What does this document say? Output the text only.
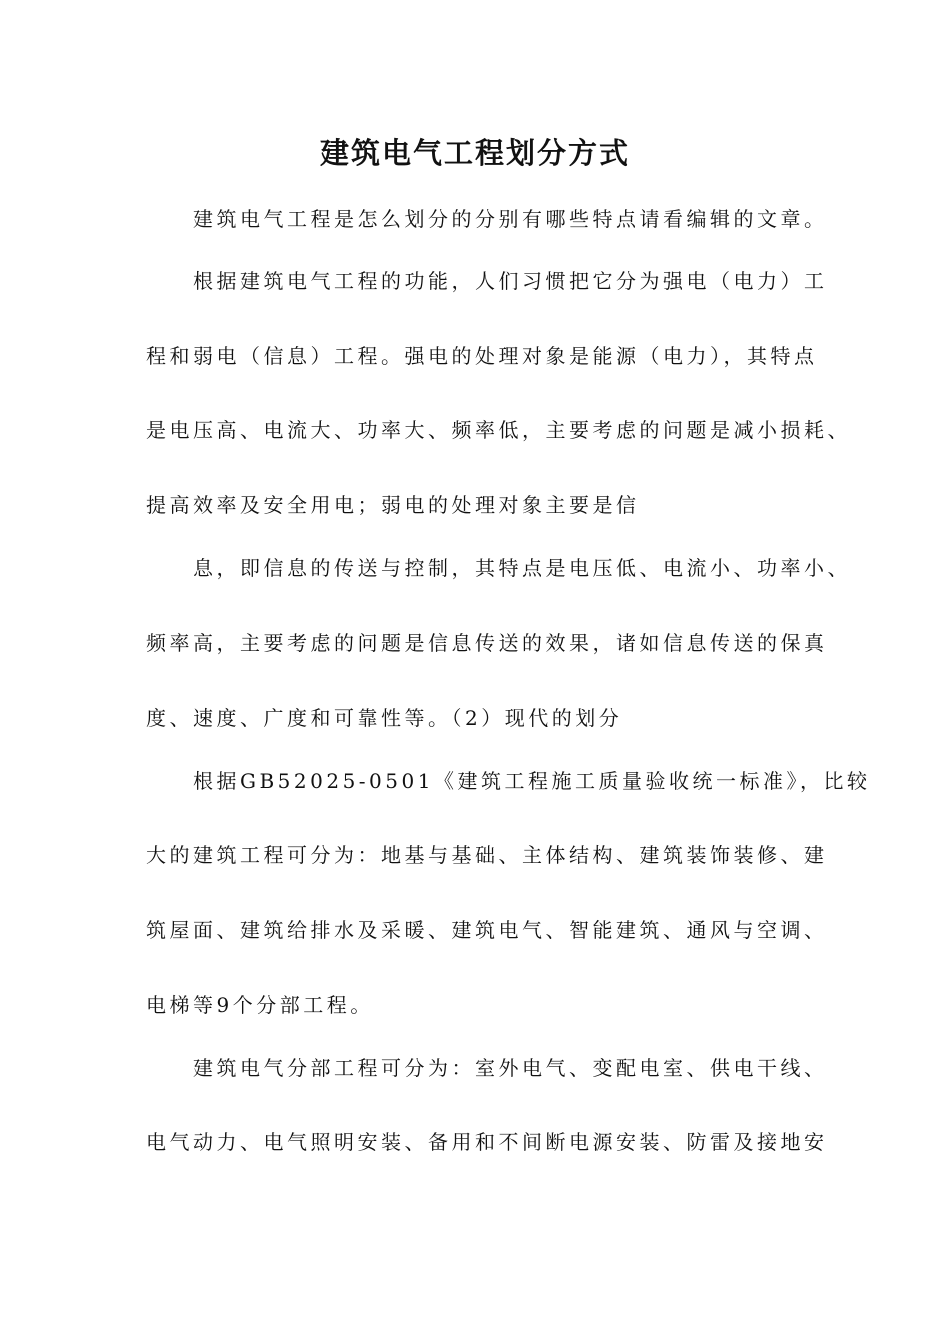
建筑电气工程划分方式

建筑电气工程是怎么划分的分别有哪些特点请看编辑的文章。

根据建筑电气工程的功能，人们习惯把它分为强电（电力）工

程和弱电（信息）工程。强电的处理对象是能源（电力），其特点

是电压高、电流大、功率大、频率低，主要考虑的问题是减小损耗、

提高效率及安全用电；弱电的处理对象主要是信

息，即信息的传送与控制，其特点是电压低、电流小、功率小、

频率高，主要考虑的问题是信息传送的效果，诸如信息传送的保真

度、速度、广度和可靠性等。（2）现代的划分

根据GB52025-0501《建筑工程施工质量验收统一标准》，比较

大的建筑工程可分为：地基与基础、主体结构、建筑装饰装修、建

筑屋面、建筑给排水及采暖、建筑电气、智能建筑、通风与空调、

电梯等9个分部工程。

建筑电气分部工程可分为：室外电气、变配电室、供电干线、

电气动力、电气照明安装、备用和不间断电源安装、防雷及接地安
